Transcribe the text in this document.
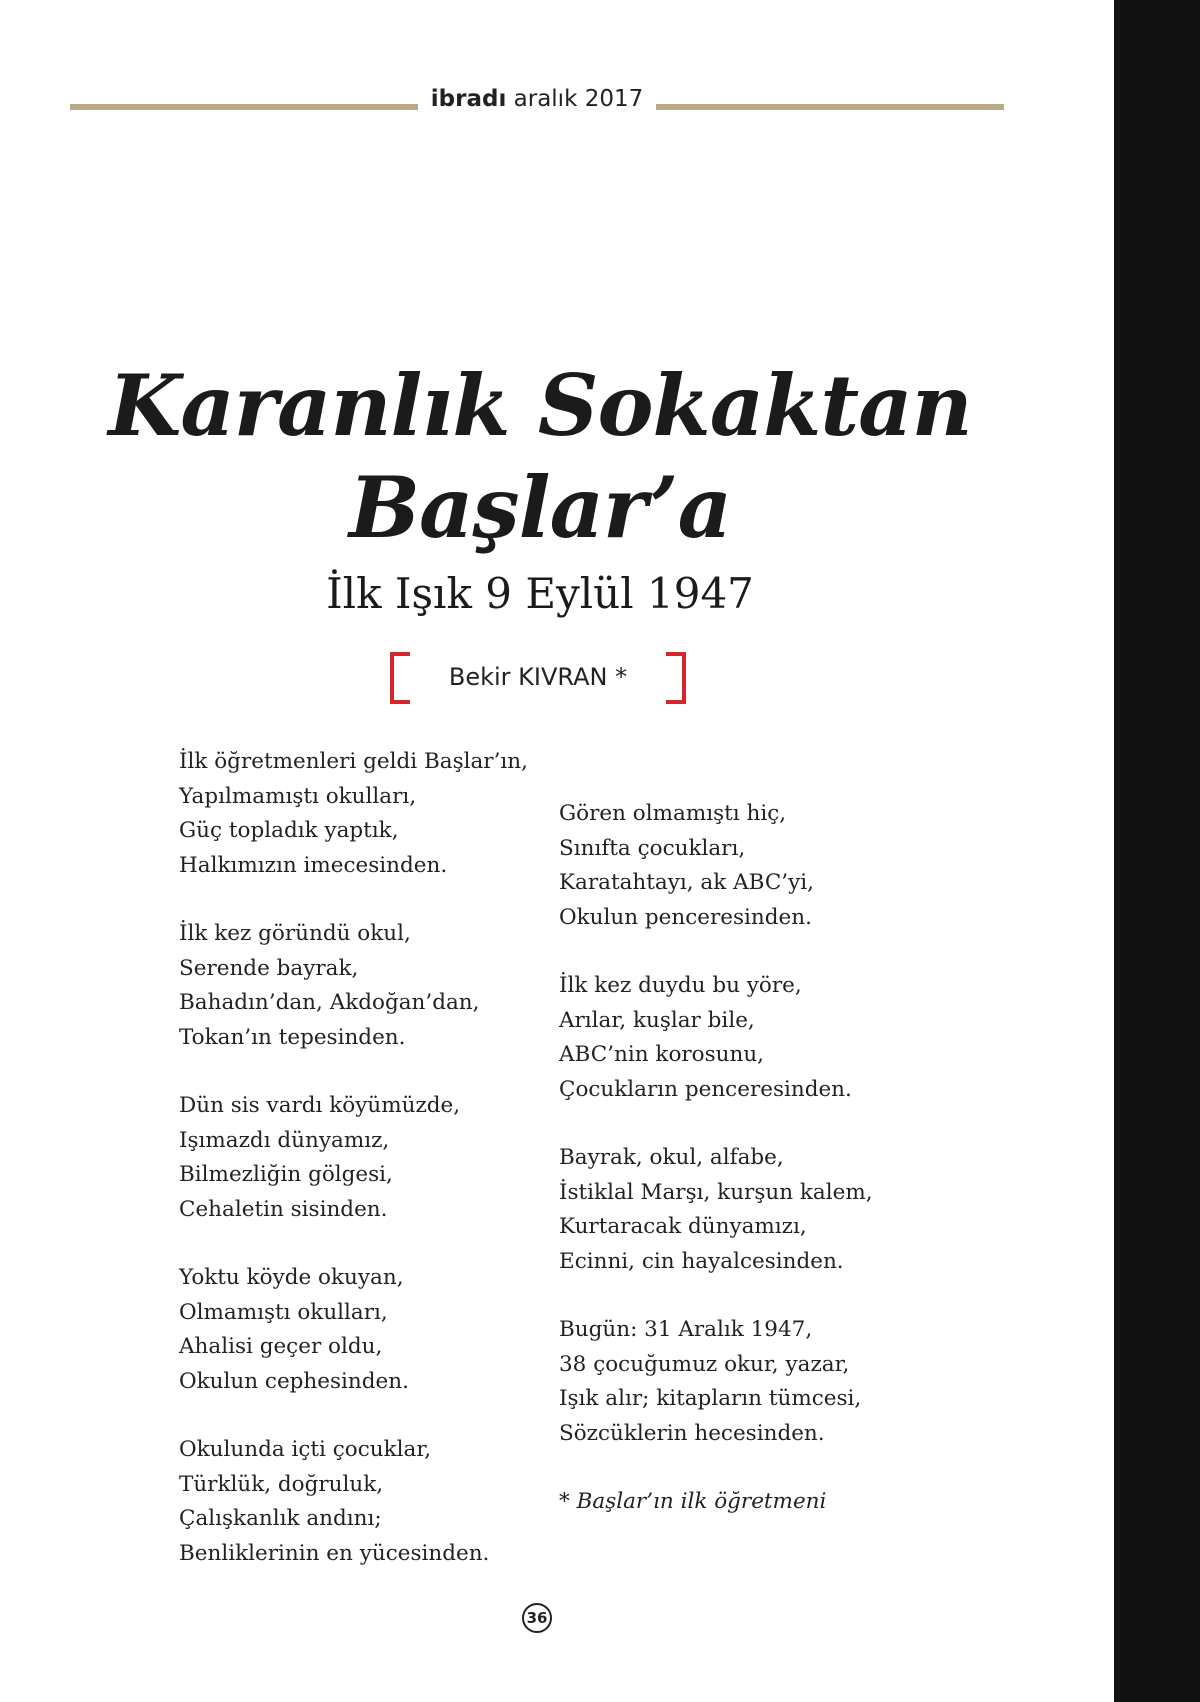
ibradı aralık 2017
Karanlık Sokaktan
Başlar’a
İlk Işık 9 Eylül 1947
Bekir KIVRAN *
İlk öğretmenleri geldi Başlar’ın,
Yapılmamıştı okulları,
Güç topladık yaptık,
Halkımızın imecesinden.
İlk kez göründü okul,
Serende bayrak,
Bahadın’dan, Akdoğan’dan,
Tokan’ın tepesinden.
Dün sis vardı köyümüzde,
Işımazdı dünyamız,
Bilmezliğin gölgesi,
Cehaletin sisinden.
Yoktu köyde okuyan,
Olmamıştı okulları,
Ahalisi geçer oldu,
Okulun cephesinden.
Okulunda içti çocuklar,
Türklük, doğruluk,
Çalışkanlık andını;
Benliklerinin en yücesinden.
Gören olmamıştı hiç,
Sınıfta çocukları,
Karatahtayı, ak ABC’yi,
Okulun penceresinden.
İlk kez duydu bu yöre,
Arılar, kuşlar bile,
ABC’nin korosunu,
Çocukların penceresinden.
Bayrak, okul, alfabe,
İstiklal Marşı, kurşun kalem,
Kurtaracak dünyamızı,
Ecinni, cin hayalcesinden.
Bugün: 31 Aralık 1947,
38 çocuğumuz okur, yazar,
Işık alır; kitapların tümcesi,
Sözcüklerin hecesinden.
* Başlar’ın ilk öğretmeni
36
